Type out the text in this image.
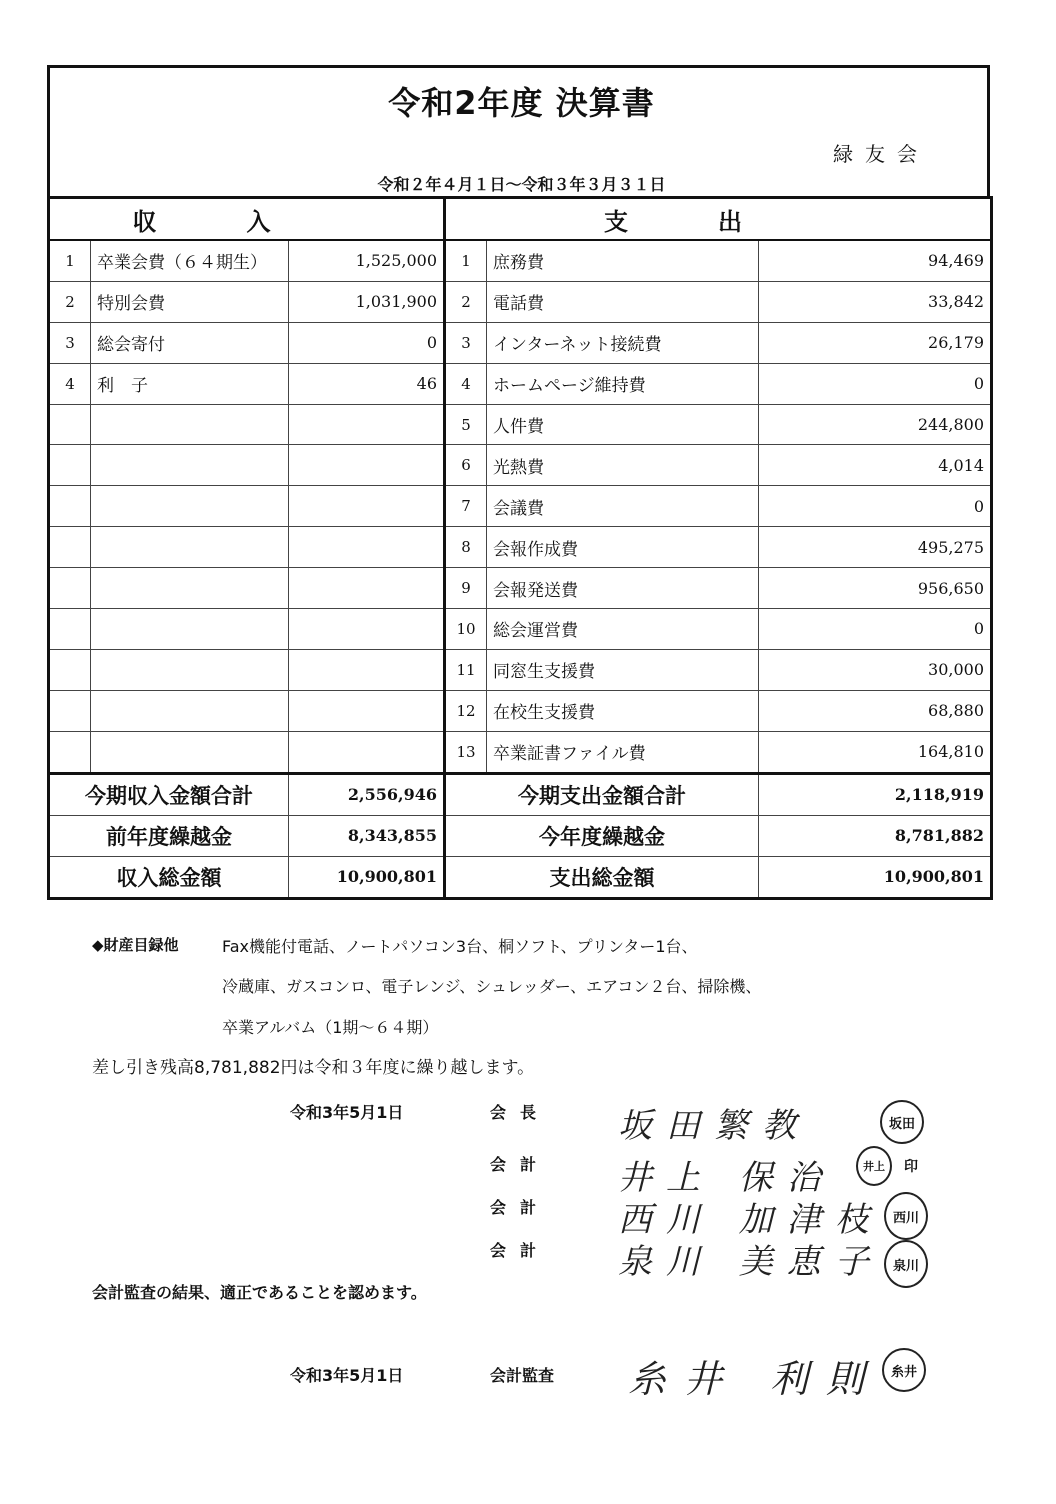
令和2年度 決算書
緑友会
令和２年４月１日〜令和３年３月３１日
収入			支出		
1	卒業会費（６４期生）	1,525,000	1	庶務費	94,469
2	特別会費	1,031,900	2	電話費	33,842
3	総会寄付	0	3	インターネット接続費	26,179
4	利　子	46	4	ホームページ維持費	0
			5	人件費	244,800
			6	光熱費	4,014
			7	会議費	0
			8	会報作成費	495,275
			9	会報発送費	956,650
			10	総会運営費	0
			11	同窓生支援費	30,000
			12	在校生支援費	68,880
			13	卒業証書ファイル費	164,810
今期収入金額合計		2,556,946	今期支出金額合計		2,118,919
前年度繰越金		8,343,855	今年度繰越金		8,781,882
収入総金額		10,900,801	支出総金額		10,900,801
◆財産目録他	Fax機能付電話、ノートパソコン3台、桐ソフト、プリンター1台、
冷蔵庫、ガスコンロ、電子レンジ、シュレッダー、エアコン２台、掃除機、
卒業アルバム（1期〜６４期）
差し引き残高8,781,882円は令和３年度に繰り越します。
令和3年5月1日	会長 坂田繁教	坂田
会計 井上 保治	井上	印
会計 西川 加津枝 西川
会計 泉川 美恵子 泉川
会計監査の結果、適正であることを認めます。
令和3年5月1日	会計監査 糸井 利則 糸井
